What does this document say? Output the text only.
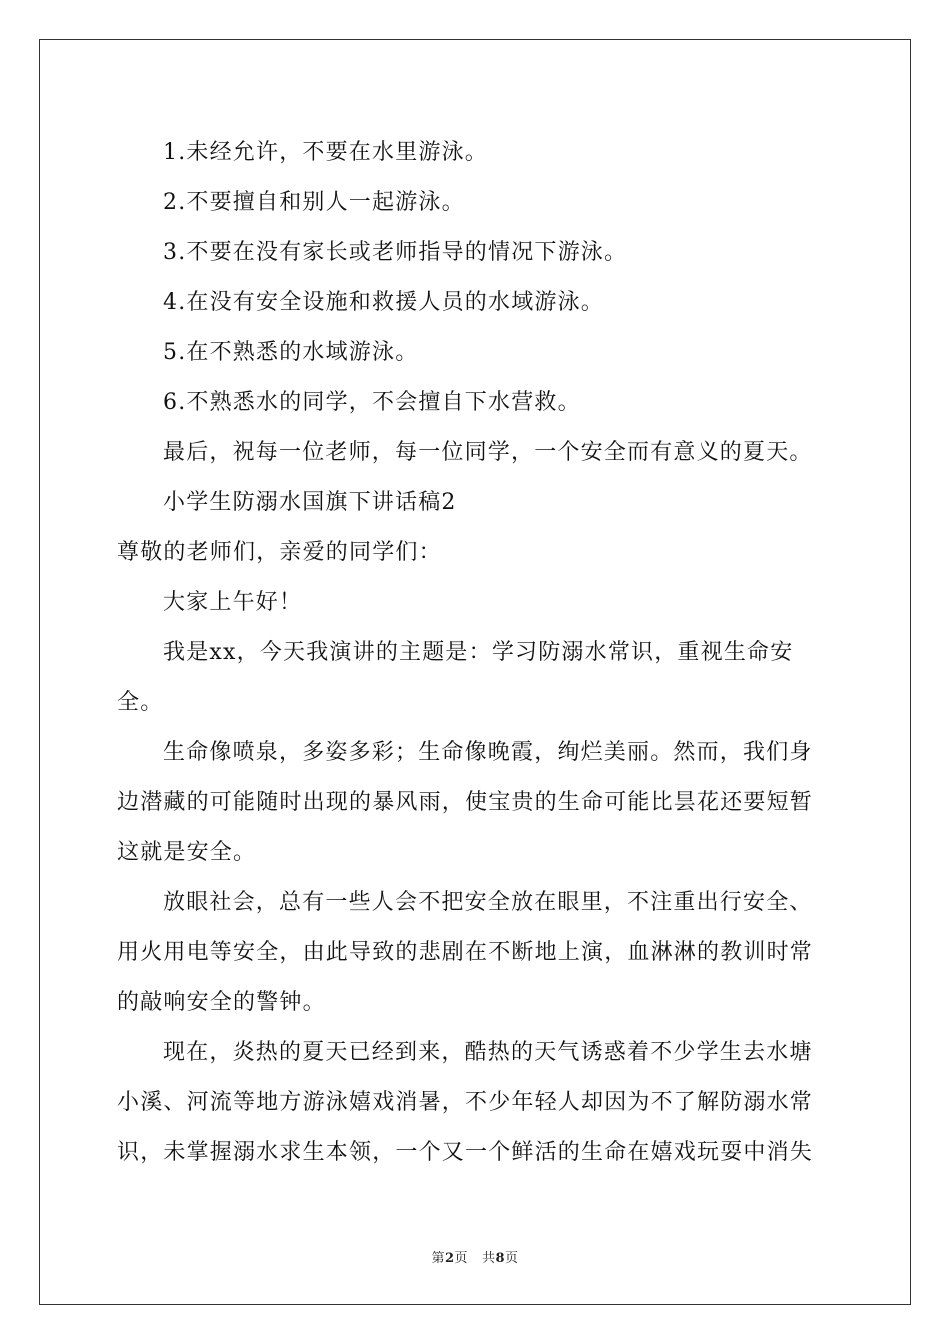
1.未经允许，不要在水里游泳。

2.不要擅自和别人一起游泳。

3.不要在没有家长或老师指导的情况下游泳。

4.在没有安全设施和救援人员的水域游泳。

5.在不熟悉的水域游泳。

6.不熟悉水的同学，不会擅自下水营救。

最后，祝每一位老师，每一位同学，一个安全而有意义的夏天。

小学生防溺水国旗下讲话稿2

尊敬的老师们，亲爱的同学们：

大家上午好！

我是xx，今天我演讲的主题是：学习防溺水常识，重视生命安

全。

生命像喷泉，多姿多彩；生命像晚霞，绚烂美丽。然而，我们身

边潜藏的可能随时出现的暴风雨，使宝贵的生命可能比昙花还要短暂

这就是安全。

放眼社会，总有一些人会不把安全放在眼里，不注重出行安全、

用火用电等安全，由此导致的悲剧在不断地上演，血淋淋的教训时常

的敲响安全的警钟。

现在，炎热的夏天已经到来，酷热的天气诱惑着不少学生去水塘

小溪、河流等地方游泳嬉戏消暑，不少年轻人却因为不了解防溺水常

识，未掌握溺水求生本领，一个又一个鲜活的生命在嬉戏玩耍中消失

第2页 共8页
